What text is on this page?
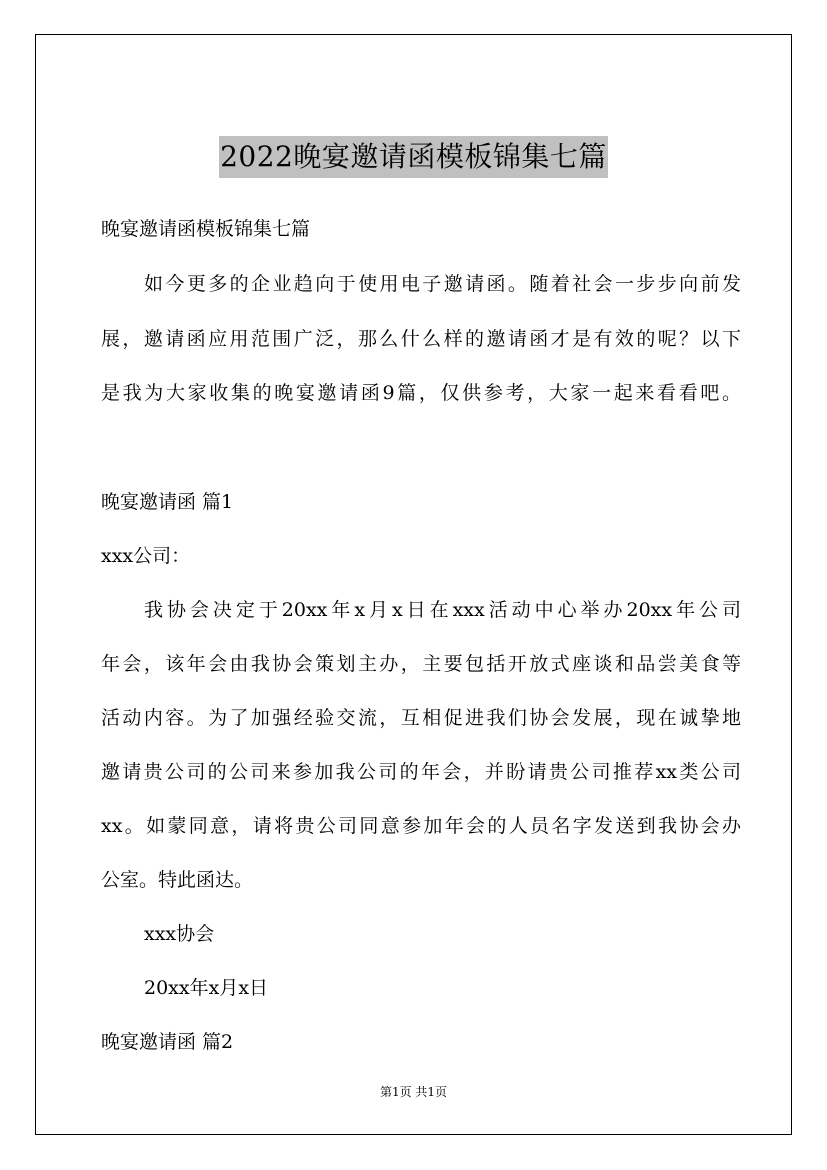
2022晚宴邀请函模板锦集七篇
晚宴邀请函模板锦集七篇
如今更多的企业趋向于使用电子邀请函。随着社会一步步向前发
展，邀请函应用范围广泛，那么什么样的邀请函才是有效的呢？以下
是我为大家收集的晚宴邀请函9篇，仅供参考，大家一起来看看吧。
晚宴邀请函 篇1
xxx公司：
我协会决定于20xx年x月x日在xxx活动中心举办20xx年公司
年会，该年会由我协会策划主办，主要包括开放式座谈和品尝美食等
活动内容。为了加强经验交流，互相促进我们协会发展，现在诚挚地
邀请贵公司的公司来参加我公司的年会，并盼请贵公司推荐xx类公司
xx。如蒙同意，请将贵公司同意参加年会的人员名字发送到我协会办
公室。特此函达。
xxx协会
20xx年x月x日
晚宴邀请函 篇2
第1页 共1页
